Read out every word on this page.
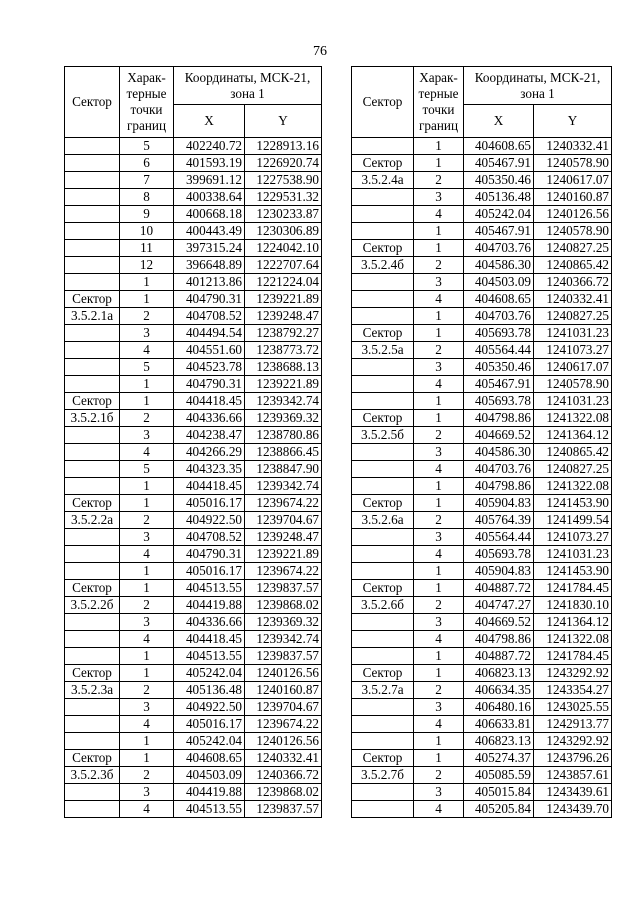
76
Сектор	Харак-терные точки границ	Координаты, МСК-21, зона 1	
		X	Y
	5	402240.72	1228913.16
	6	401593.19	1226920.74
	7	399691.12	1227538.90
	8	400338.64	1229531.32
	9	400668.18	1230233.87
	10	400443.49	1230306.89
	11	397315.24	1224042.10
	12	396648.89	1222707.64
	1	401213.86	1221224.04
Сектор	1	404790.31	1239221.89
3.5.2.1а	2	404708.52	1239248.47
	3	404494.54	1238792.27
	4	404551.60	1238773.72
	5	404523.78	1238688.13
	1	404790.31	1239221.89
Сектор	1	404418.45	1239342.74
3.5.2.1б	2	404336.66	1239369.32
	3	404238.47	1238780.86
	4	404266.29	1238866.45
	5	404323.35	1238847.90
	1	404418.45	1239342.74
Сектор	1	405016.17	1239674.22
3.5.2.2а	2	404922.50	1239704.67
	3	404708.52	1239248.47
	4	404790.31	1239221.89
	1	405016.17	1239674.22
Сектор	1	404513.55	1239837.57
3.5.2.2б	2	404419.88	1239868.02
	3	404336.66	1239369.32
	4	404418.45	1239342.74
	1	404513.55	1239837.57
Сектор	1	405242.04	1240126.56
3.5.2.3а	2	405136.48	1240160.87
	3	404922.50	1239704.67
	4	405016.17	1239674.22
	1	405242.04	1240126.56
Сектор	1	404608.65	1240332.41
3.5.2.3б	2	404503.09	1240366.72
	3	404419.88	1239868.02
	4	404513.55	1239837.57
Сектор	Харак-терные точки границ	Координаты, МСК-21, зона 1	
		X	Y
	1	404608.65	1240332.41
Сектор	1	405467.91	1240578.90
3.5.2.4а	2	405350.46	1240617.07
	3	405136.48	1240160.87
	4	405242.04	1240126.56
	1	405467.91	1240578.90
Сектор	1	404703.76	1240827.25
3.5.2.4б	2	404586.30	1240865.42
	3	404503.09	1240366.72
	4	404608.65	1240332.41
	1	404703.76	1240827.25
Сектор	1	405693.78	1241031.23
3.5.2.5а	2	405564.44	1241073.27
	3	405350.46	1240617.07
	4	405467.91	1240578.90
	1	405693.78	1241031.23
Сектор	1	404798.86	1241322.08
3.5.2.5б	2	404669.52	1241364.12
	3	404586.30	1240865.42
	4	404703.76	1240827.25
	1	404798.86	1241322.08
Сектор	1	405904.83	1241453.90
3.5.2.6а	2	405764.39	1241499.54
	3	405564.44	1241073.27
	4	405693.78	1241031.23
	1	405904.83	1241453.90
Сектор	1	404887.72	1241784.45
3.5.2.6б	2	404747.27	1241830.10
	3	404669.52	1241364.12
	4	404798.86	1241322.08
	1	404887.72	1241784.45
Сектор	1	406823.13	1243292.92
3.5.2.7а	2	406634.35	1243354.27
	3	406480.16	1243025.55
	4	406633.81	1242913.77
	1	406823.13	1243292.92
Сектор	1	405274.37	1243796.26
3.5.2.7б	2	405085.59	1243857.61
	3	405015.84	1243439.61
	4	405205.84	1243439.70
